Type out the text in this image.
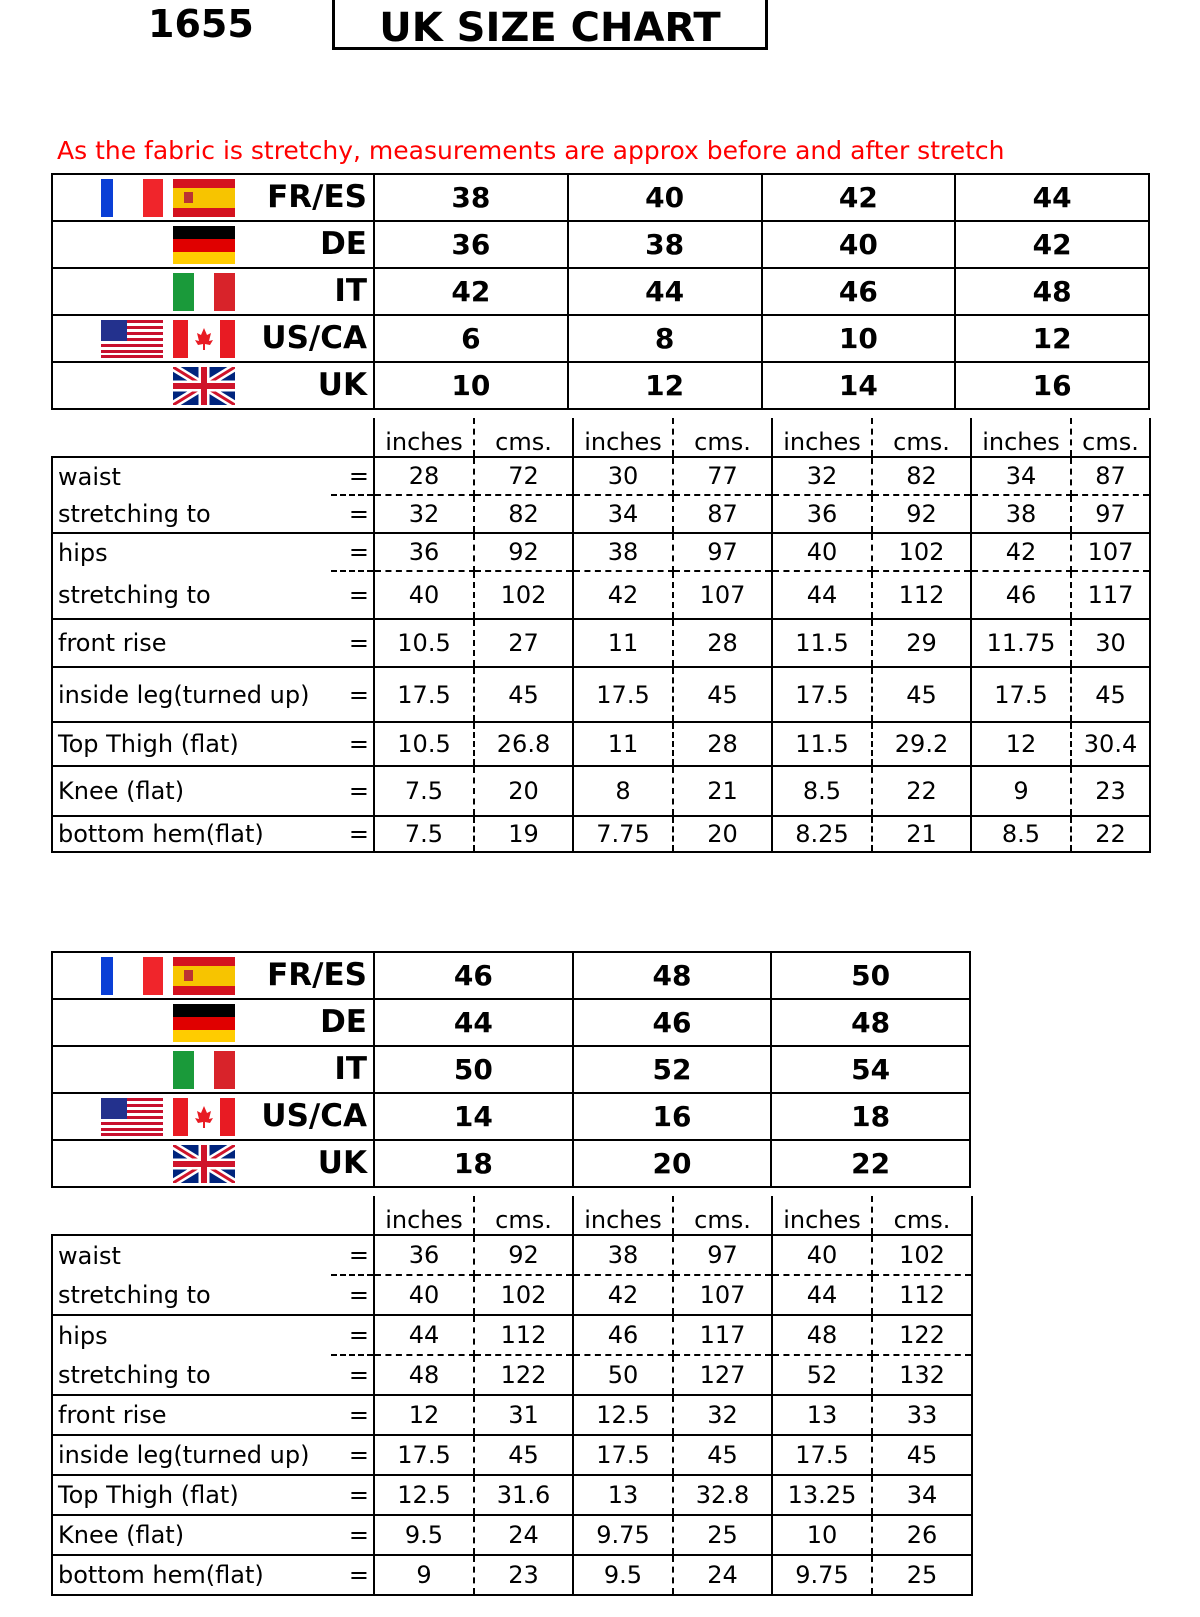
1655	UK SIZE CHART
As the fabric is stretchy, measurements are approx before and after stretch
FR/ES	38	40	42	44

DE	36	38	40	42

IT	42	44	46	48

US/CA	6	8	10	12

UK	10	12	14	16
		inches	cms.	inches	cms.	inches	cms.	inches	cms.
waist	=	28	72	30	77	32	82	34	87
stretching to	=	32	82	34	87	36	92	38	97
hips	=	36	92	38	97	40	102	42	107
stretching to	=	40	102	42	107	44	112	46	117
front rise	=	10.5	27	11	28	11.5	29	11.75	30
inside leg(turned up)	=	17.5	45	17.5	45	17.5	45	17.5	45
Top Thigh (flat)	=	10.5	26.8	11	28	11.5	29.2	12	30.4
Knee (flat)	=	7.5	20	8	21	8.5	22	9	23
bottom hem(flat)	=	7.5	19	7.75	20	8.25	21	8.5	22
FR/ES	46	48	50

DE	44	46	48

IT	50	52	54

US/CA	14	16	18

UK	18	20	22
		inches	cms.	inches	cms.	inches	cms.
waist	=	36	92	38	97	40	102
stretching to	=	40	102	42	107	44	112
hips	=	44	112	46	117	48	122
stretching to	=	48	122	50	127	52	132
front rise	=	12	31	12.5	32	13	33
inside leg(turned up)	=	17.5	45	17.5	45	17.5	45
Top Thigh (flat)	=	12.5	31.6	13	32.8	13.25	34
Knee (flat)	=	9.5	24	9.75	25	10	26
bottom hem(flat)	=	9	23	9.5	24	9.75	25
